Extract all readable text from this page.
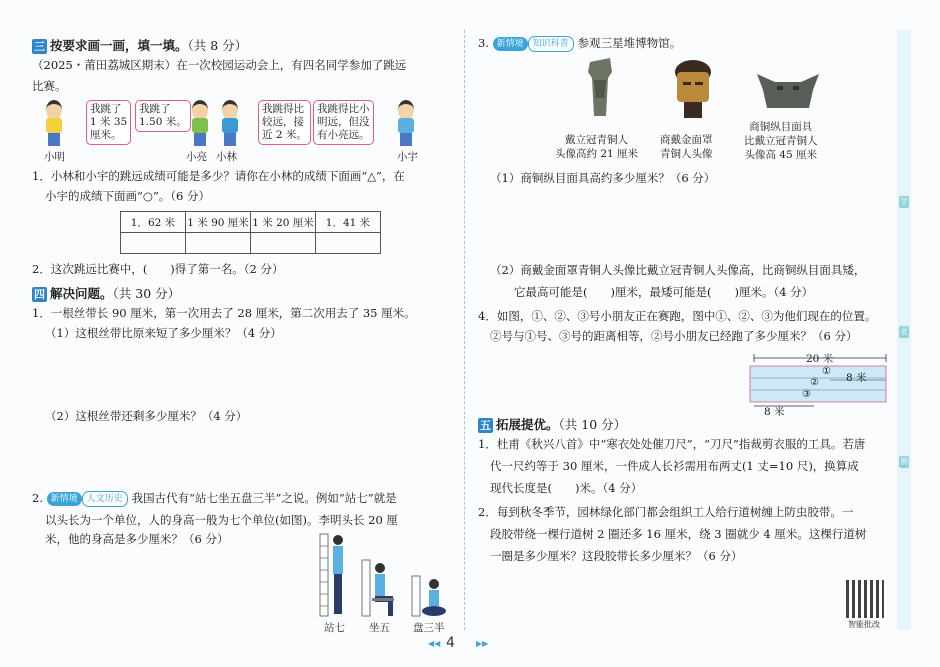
学
业
测
三 按要求画一画，填一填。（共 8 分）
（2025・莆田荔城区期末）在一次校园运动会上，有四名同学参加了跳远
比赛。
我跳了
1 米 35
厘米。
我跳了
1.50 米。
我跳得比
较远，接
近 2 米。
我跳得比小
明远，但没
有小亮远。
小明	小亮 小林	小宇
1．小林和小宇的跳远成绩可能是多少？请你在小林的成绩下面画“△”，在
小宇的成绩下面画“○”。（6 分）
1．62 米	1 米 90 厘米	1 米 20 厘米	1．41 米

2．这次跳远比赛中，(　　)得了第一名。（2 分）
四 解决问题。（共 30 分）
1．一根丝带长 90 厘米，第一次用去了 28 厘米，第二次用去了 35 厘米。
（1）这根丝带比原来短了多少厘米？（4 分）
（2）这根丝带还剩多少厘米？（4 分）
2. 新情境 人文历史 我国古代有“站七坐五盘三半”之说。例如“站七”就是
以头长为一个单位，人的身高一般为七个单位(如图)。李明头长 20 厘
米，他的身高是多少厘米？（6 分）
站七 坐五 盘三半
3. 新情境 知识科普 参观三星堆博物馆。
戴立冠青铜人
头像高约 21 厘米
商戴金面罩
青铜人头像
商铜纵目面具
比戴立冠青铜人
头像高 45 厘米
（1）商铜纵目面具高约多少厘米？（6 分）
（2）商戴金面罩青铜人头像比戴立冠青铜人头像高，比商铜纵目面具矮，
它最高可能是(　　)厘米，最矮可能是(　　)厘米。（4 分）
4．如图，①、②、③号小朋友正在赛跑，图中①、②、③为他们现在的位置。
②号与①号、③号的距离相等，②号小朋友已经跑了多少厘米？（6 分）
20 米
①
8 米
②
③
8 米
五 拓展提优。（共 10 分）
1．杜甫《秋兴八首》中“寒衣处处催刀尺”，“刀尺”指裁剪衣服的工具。若唐
代一尺约等于 30 厘米，一件成人长衫需用布两丈(1 丈=10 尺)，换算成
现代长度是(　　)米。（4 分）
2．每到秋冬季节，园林绿化部门都会组织工人给行道树缠上防虫胶带。一
段胶带绕一棵行道树 2 圈还多 16 厘米，绕 3 圈就少 4 厘米。这棵行道树
一圈是多少厘米？这段胶带长多少厘米？（6 分）
智能批改
◀◀ 4	▶▶
